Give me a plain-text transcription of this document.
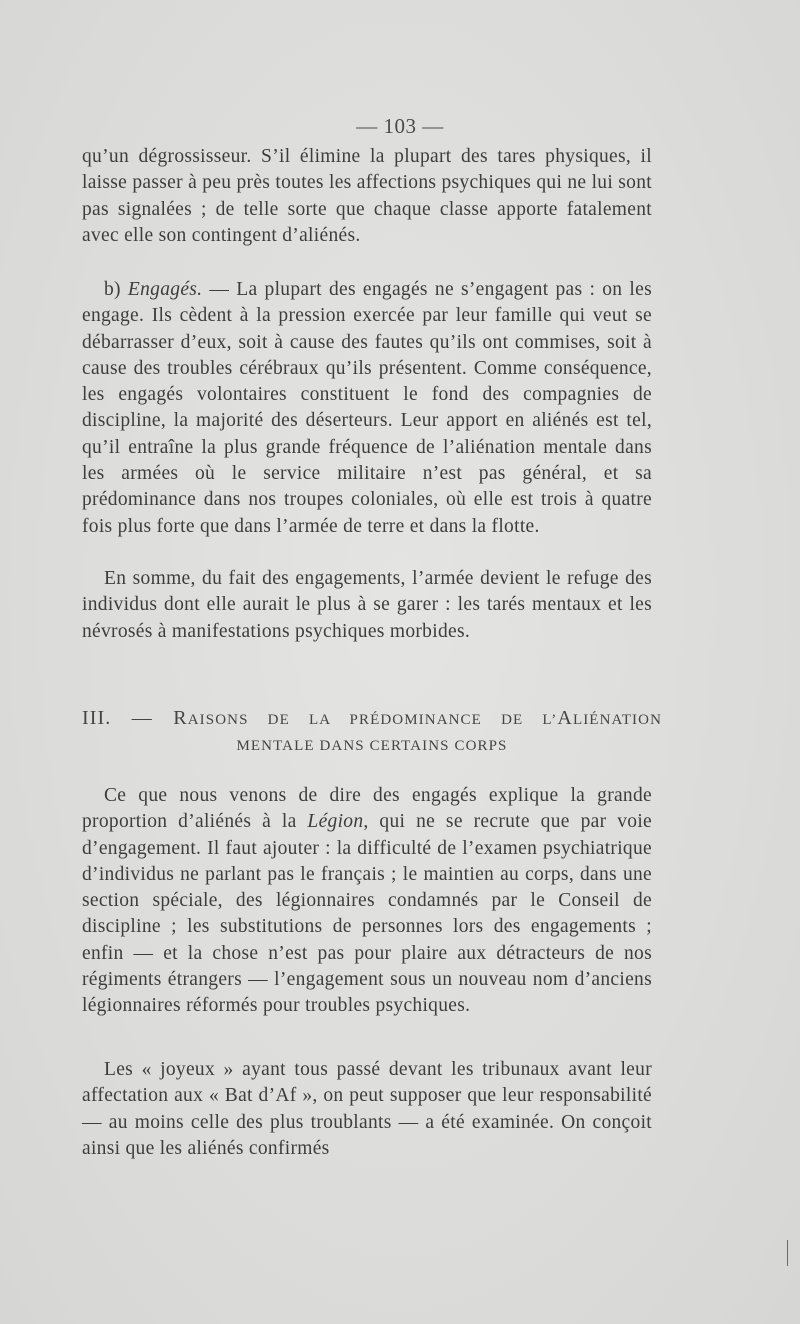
— 103 —

qu’un dégrossisseur. S’il élimine la plupart des tares physiques, il laisse passer à peu près toutes les affections psychiques qui ne lui sont pas signalées ; de telle sorte que chaque classe apporte fatalement avec elle son contingent d’aliénés.

b) Engagés. — La plupart des engagés ne s’engagent pas : on les engage. Ils cèdent à la pression exercée par leur famille qui veut se débarrasser d’eux, soit à cause des fautes qu’ils ont commises, soit à cause des troubles cérébraux qu’ils présentent. Comme conséquence, les engagés volontaires constituent le fond des compagnies de discipline, la majorité des déserteurs. Leur apport en aliénés est tel, qu’il entraîne la plus grande fréquence de l’aliénation mentale dans les armées où le service militaire n’est pas général, et sa prédominance dans nos troupes coloniales, où elle est trois à quatre fois plus forte que dans l’armée de terre et dans la flotte.

En somme, du fait des engagements, l’armée devient le refuge des individus dont elle aurait le plus à se garer : les tarés mentaux et les névrosés à manifestations psychiques morbides.

III. — RAISONS DE LA PRÉDOMINANCE DE L’ALIÉNATION
MENTALE DANS CERTAINS CORPS

Ce que nous venons de dire des engagés explique la grande proportion d’aliénés à la Légion, qui ne se recrute que par voie d’engagement. Il faut ajouter : la difficulté de l’examen psychiatrique d’individus ne parlant pas le français ; le maintien au corps, dans une section spéciale, des légionnaires condamnés par le Conseil de discipline ; les substitutions de personnes lors des engagements ; enfin — et la chose n’est pas pour plaire aux détracteurs de nos régiments étrangers — l’engagement sous un nouveau nom d’anciens légionnaires réformés pour troubles psychiques.

Les « joyeux » ayant tous passé devant les tribunaux avant leur affectation aux « Bat d’Af », on peut supposer que leur responsabilité — au moins celle des plus troublants — a été examinée. On conçoit ainsi que les aliénés confirmés
